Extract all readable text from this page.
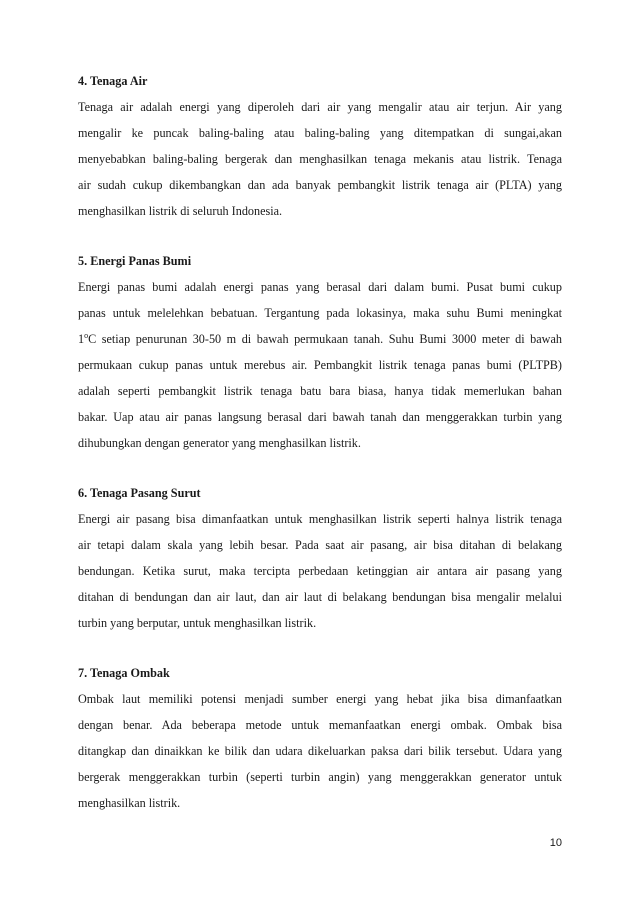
4. Tenaga Air

Tenaga air adalah energi yang diperoleh dari air yang mengalir atau air terjun. Air yang
mengalir ke puncak baling-baling atau baling-baling yang ditempatkan di sungai,akan
menyebabkan baling-baling bergerak dan menghasilkan tenaga mekanis atau listrik. Tenaga
air sudah cukup dikembangkan dan ada banyak pembangkit listrik tenaga air (PLTA) yang
menghasilkan listrik di seluruh Indonesia.

5. Energi Panas Bumi

Energi panas bumi adalah energi panas yang berasal dari dalam bumi. Pusat bumi cukup
panas untuk melelehkan bebatuan. Tergantung pada lokasinya, maka suhu Bumi meningkat
1$^o$C setiap penurunan 30-50 m di bawah permukaan tanah. Suhu Bumi 3000 meter di bawah
permukaan cukup panas untuk merebus air. Pembangkit listrik tenaga panas bumi (PLTPB)
adalah seperti pembangkit listrik tenaga batu bara biasa, hanya tidak memerlukan bahan
bakar. Uap atau air panas langsung berasal dari bawah tanah dan menggerakkan turbin yang
dihubungkan dengan generator yang menghasilkan listrik.

6. Tenaga Pasang Surut

Energi air pasang bisa dimanfaatkan untuk menghasilkan listrik seperti halnya listrik tenaga
air tetapi dalam skala yang lebih besar. Pada saat air pasang, air bisa ditahan di belakang
bendungan. Ketika surut, maka tercipta perbedaan ketinggian air antara air pasang yang
ditahan di bendungan dan air laut, dan air laut di belakang bendungan bisa mengalir melalui
turbin yang berputar, untuk menghasilkan listrik.

7. Tenaga Ombak

Ombak laut memiliki potensi menjadi sumber energi yang hebat jika bisa dimanfaatkan
dengan benar. Ada beberapa metode untuk memanfaatkan energi ombak. Ombak bisa
ditangkap dan dinaikkan ke bilik dan udara dikeluarkan paksa dari bilik tersebut. Udara yang
bergerak menggerakkan turbin (seperti turbin angin) yang menggerakkan generator untuk
menghasilkan listrik.

10
